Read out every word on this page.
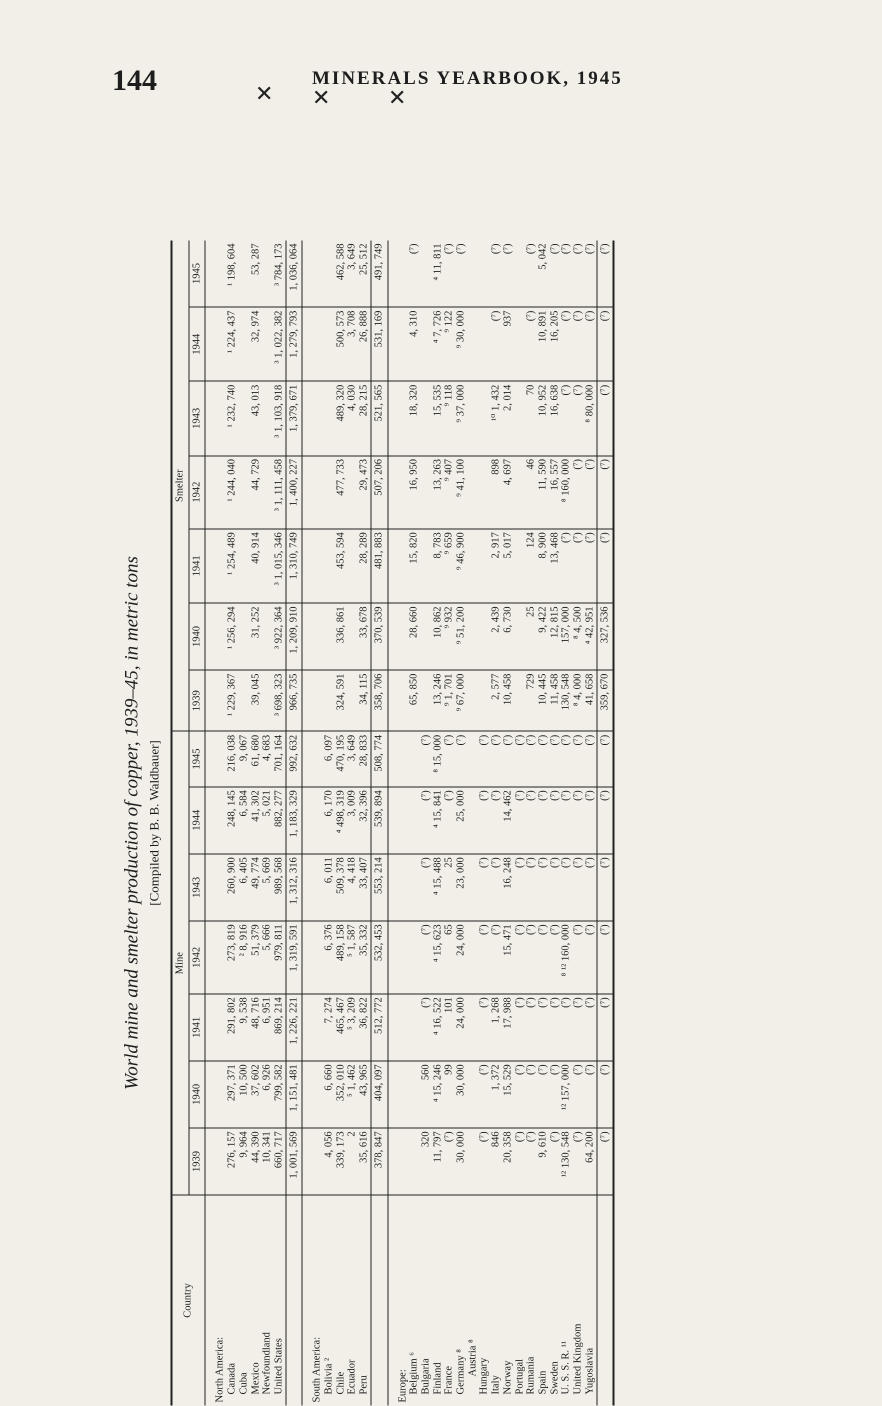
144	MINERALS YEARBOOK, 1945
✕ ✕	✕
World mine and smelter production of copper, 1939–45, in metric tons [Compiled by B. B. Waldbauer]
Country	Mine							Smelter						
	1939	1940	1941	1942	1943	1944	1945	1939	1940	1941	1942	1943	1944	1945
North America:														
Canada	276, 157	297, 371	291, 802	273, 819	260, 900	248, 145	216, 038	¹ 229, 367	¹ 256, 294	¹ 254, 489	¹ 244, 040	¹ 232, 740	¹ 224, 437	¹ 198, 604
Cuba	9, 964	10, 500	9, 538	² 8, 916	6, 405	6, 584	9, 067							
Mexico	44, 390	37, 602	48, 716	51, 379	49, 774	41, 302	61, 680	39, 045	31, 252	40, 914	44, 729	43, 013	32, 974	53, 287
Newfoundland	10, 341	6, 926	6, 951	5, 666	5, 669	5, 021	4, 683							
United States	660, 717	799, 582	869, 214	979, 811	989, 568	882, 277	701, 164	³ 698, 323	³ 922, 364	³ 1, 015, 346	³ 1, 111, 458	³ 1, 103, 918	³ 1, 022, 382	³ 784, 173
	1, 001, 569	1, 151, 481	1, 226, 221	1, 319, 591	1, 312, 316	1, 183, 329	992, 632	966, 735	1, 209, 910	1, 310, 749	1, 400, 227	1, 379, 671	1, 279, 793	1, 036, 064
South America:														
Bolivia ²	4, 056	6, 660	7, 274	6, 376	6, 011	6, 170	6, 097							
Chile	339, 173	352, 010	465, 467	489, 158	509, 378	⁴ 498, 319	470, 195	324, 591	336, 861	453, 594	477, 733	489, 320	500, 573	462, 588
Ecuador	2	⁵ 1, 462	⁵ 3, 209	⁵ 1, 587	4, 418	3, 009	3, 649					4, 030	3, 708	3, 649
Peru	35, 616	43, 965	36, 822	35, 332	33, 407	32, 396	28, 833	34, 115	33, 678	28, 289	29, 473	28, 215	26, 888	25, 512
	378, 847	404, 097	512, 772	532, 453	553, 214	539, 894	508, 774	358, 706	370, 539	481, 883	507, 206	521, 565	531, 169	491, 749
Europe:														
Belgium ⁶								65, 850	28, 660	15, 820	16, 950	18, 320	4, 310	(⁷)
Bulgaria	320	560	(⁷)	(⁷)	(⁷)	(⁷)	(⁷)							
Finland	11, 797	⁴ 15, 246	⁴ 16, 522	⁴ 15, 623	⁴ 15, 488	⁴ 15, 841	⁸ 15, 000	13, 246	10, 862	8, 783	13, 263	15, 535	⁴ 7, 726	⁴ 11, 811
France	(⁷)	99	101	65	25	(⁷)	(⁷)	⁹ 1, 701	⁹ 932	⁹ 659	⁹ 407	⁹ 118	⁹ 122	(⁷)
Germany ⁸	30, 000	30, 000	24, 000	24, 000	23, 000	25, 000	(⁷)	⁹ 67, 000	⁹ 51, 200	⁹ 46, 900	⁹ 41, 100	⁹ 37, 000	⁹ 30, 000	(⁷)
Austria ⁸														
Hungary	(⁷)	(⁷)	(⁷)	(⁷)	(⁷)	(⁷)	(⁷)							
Italy	846	1, 372	1, 268	(⁷)	(⁷)	(⁷)	(⁷)	2, 577	2, 439	2, 917	898	¹⁰ 1, 432	(⁷)	(⁷)
Norway	20, 358	15, 529	17, 988	15, 471	16, 248	14, 462	(⁷)	10, 458	6, 730	5, 017	4, 697	2, 014	937	(⁷)
Portugal	(⁷)	(⁷)	(⁷)	(⁷)	(⁷)	(⁷)	(⁷)							
Rumania	(⁷)	(⁷)	(⁷)	(⁷)	(⁷)	(⁷)	(⁷)	729	25	124	46	70	(⁷)	(⁷)
Spain	9, 610	(⁷)	(⁷)	(⁷)	(⁷)	(⁷)	(⁷)	10, 445	9, 422	8, 900	11, 590	10, 952	10, 891	5, 042
Sweden	(⁷)	(⁷)	(⁷)	(⁷)	(⁷)	(⁷)	(⁷)	11, 458	12, 815	13, 468	16, 557	16, 638	16, 205	(⁷)
U. S. S. R. ¹¹	¹² 130, 548	¹² 157, 000	(⁷)	⁸ ¹² 160, 000	(⁷)	(⁷)	(⁷)	130, 548	157, 000	(⁷)	⁸ 160, 000	(⁷)	(⁷)	(⁷)
United Kingdom	(⁷)	(⁷)	(⁷)	(⁷)	(⁷)	(⁷)	(⁷)	⁸ 4, 000	⁸ 4, 500	(⁷)	(⁷)	(⁷)	(⁷)	(⁷)
Yugoslavia	64, 200	(⁷)	(⁷)	(⁷)	(⁷)	(⁷)	(⁷)	41, 658	⁴ 42, 951	(⁷)	(⁷)	⁸ 80, 000	(⁷)	(⁷)
	(⁷)	(⁷)	(⁷)	(⁷)	(⁷)	(⁷)	(⁷)	359, 670	327, 536	(⁷)	(⁷)	(⁷)	(⁷)	(⁷)
